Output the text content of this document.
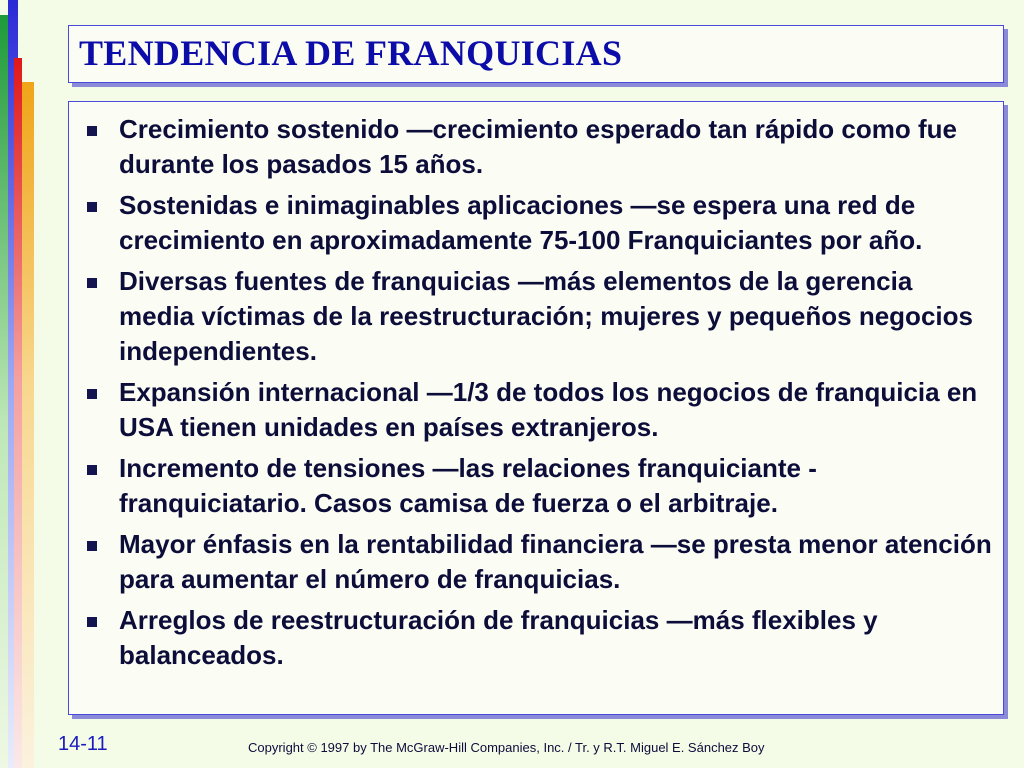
TENDENCIA DE FRANQUICIAS
Crecimiento sostenido —crecimiento esperado tan rápido como fue durante los pasados 15 años.
Sostenidas e inimaginables aplicaciones —se espera una red de crecimiento en aproximadamente 75-100 Franquiciantes por año.
Diversas fuentes de franquicias —más elementos de la gerencia media víctimas de la reestructuración; mujeres y pequeños negocios independientes.
Expansión internacional —1/3 de todos los negocios de franquicia en USA tienen unidades en países extranjeros.
Incremento de tensiones —las relaciones franquiciante - franquiciatario. Casos camisa de fuerza o el arbitraje.
Mayor énfasis en la rentabilidad financiera —se presta menor atención para aumentar el número de franquicias.
Arreglos de reestructuración de franquicias —más flexibles y balanceados.
14-11	Copyright © 1997 by The McGraw-Hill Companies, Inc. / Tr. y R.T. Miguel E. Sánchez Boy
